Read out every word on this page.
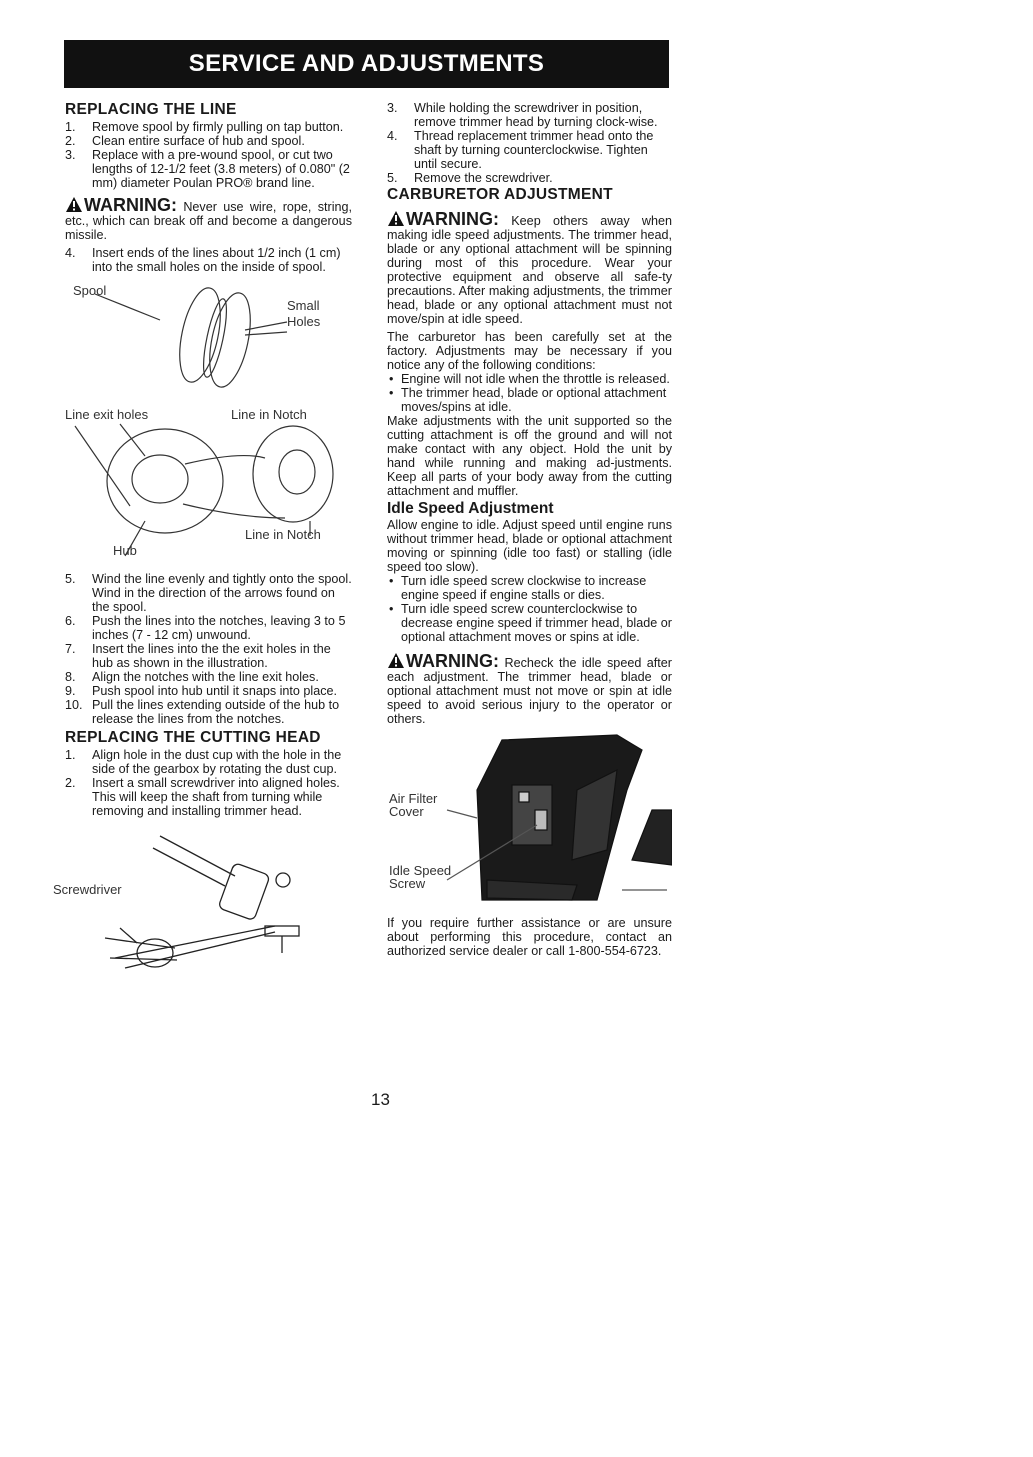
SERVICE AND ADJUSTMENTS
REPLACING THE LINE
1. Remove spool by firmly pulling on tap button.
2. Clean entire surface of hub and spool.
3. Replace with a pre-wound spool, or cut two lengths of 12-1/2 feet (3.8 meters) of 0.080" (2 mm) diameter Poulan PRO® brand line.

WARNING: Never use wire, rope, string, etc., which can break off and become a dangerous missile.

4. Insert ends of the lines about 1/2 inch (1 cm) into the small holes on the inside of spool.
Spool
Small
Holes
Line exit holes	Line in Notch
Line in Notch
Hub
5. Wind the line evenly and tightly onto the spool. Wind in the direction of the arrows found on the spool.
6. Push the lines into the notches, leaving 3 to 5 inches (7 - 12 cm) unwound.
7. Insert the lines into the the exit holes in the hub as shown in the illustration.
8. Align the notches with the line exit holes.
9. Push spool into hub until it snaps into place.
10. Pull the lines extending outside of the hub to release the lines from the notches.
REPLACING THE CUTTING HEAD
1. Align hole in the dust cup with the hole in the side of the gearbox by rotating the dust cup.
2. Insert a small screwdriver into aligned holes. This will keep the shaft from turning while removing and installing trimmer head.
Screwdriver
3. While holding the screwdriver in position, remove trimmer head by turning clock-wise.
4. Thread replacement trimmer head onto the shaft by turning counterclockwise. Tighten until secure.
5. Remove the screwdriver.
CARBURETOR ADJUSTMENT

WARNING: Keep others away when making idle speed adjustments. The trimmer head, blade or any optional attachment will be spinning during most of this procedure. Wear your protective equipment and observe all safe-ty precautions. After making adjustments, the trimmer head, blade or any optional attachment must not move/spin at idle speed.

The carburetor has been carefully set at the factory. Adjustments may be necessary if you notice any of the following conditions:

• Engine will not idle when the throttle is released.
• The trimmer head, blade or optional attachment moves/spins at idle.

Make adjustments with the unit supported so the cutting attachment is off the ground and will not make contact with any object. Hold the unit by hand while running and making ad-justments. Keep all parts of your body away from the cutting attachment and muffler.

Idle Speed Adjustment

Allow engine to idle. Adjust speed until engine runs without trimmer head, blade or optional attachment moving or spinning (idle too fast) or stalling (idle speed too slow).

• Turn idle speed screw clockwise to increase engine speed if engine stalls or dies.
• Turn idle speed screw counterclockwise to decrease engine speed if trimmer head, blade or optional attachment moves or spins at idle.

WARNING: Recheck the idle speed after each adjustment. The trimmer head, blade or optional attachment must not move or spin at idle speed to avoid serious injury to the operator or others.

Air Filter
Cover
Idle Speed
Screw

If you require further assistance or are unsure about performing this procedure, contact an authorized service dealer or call 1-800-554-6723.

13
